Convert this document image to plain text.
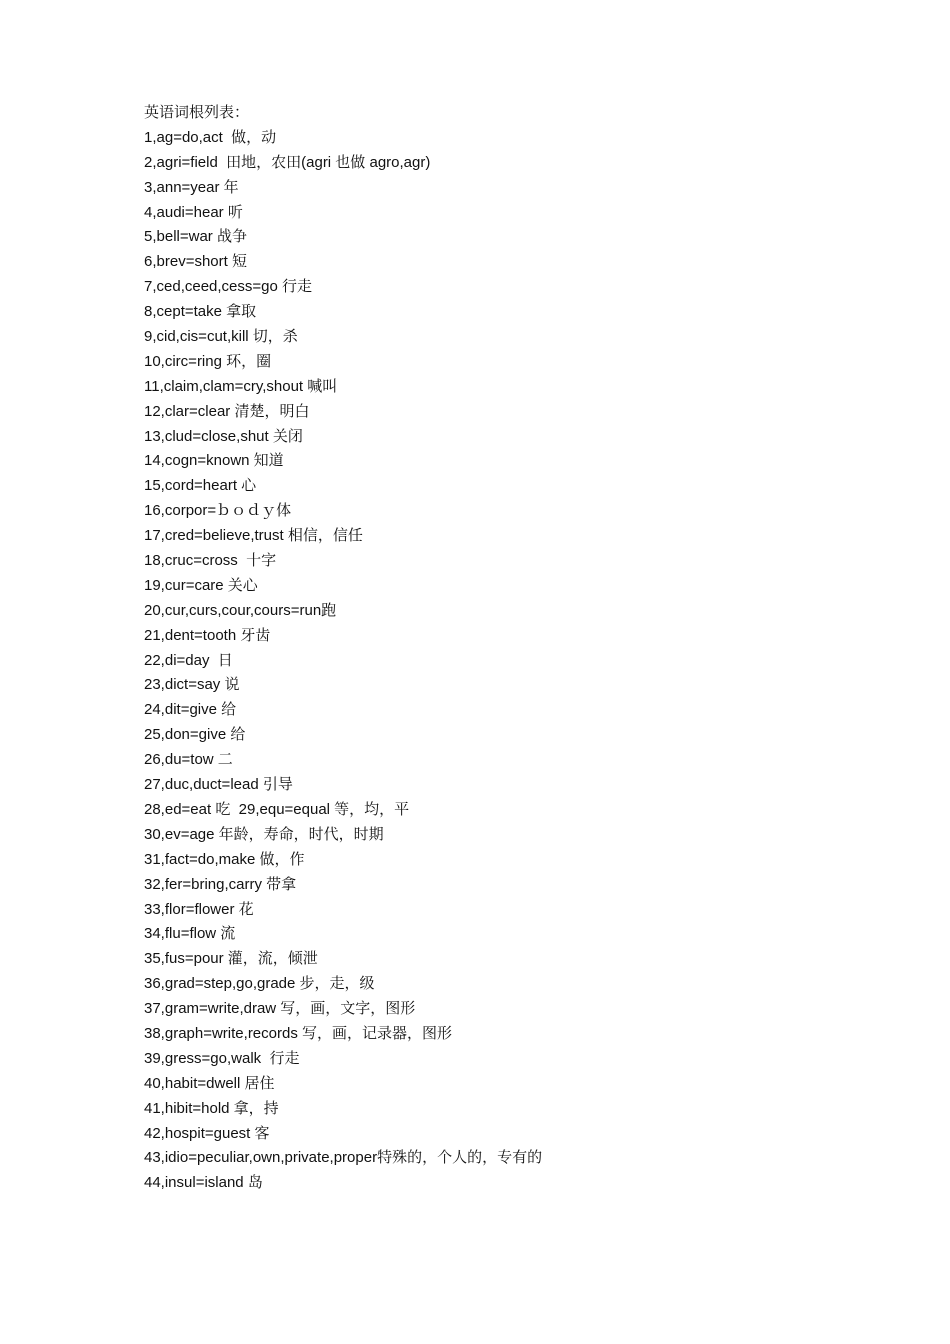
英语词根列表：
1,ag=do,act  做，动
2,agri=field  田地，农田(agri 也做 agro,agr)
3,ann=year 年
4,audi=hear 听
5,bell=war 战争
6,brev=short 短
7,ced,ceed,cess=go 行走
8,cept=take 拿取
9,cid,cis=cut,kill 切，杀
10,circ=ring 环，圈
11,claim,clam=cry,shout 喊叫
12,clar=clear 清楚，明白
13,clud=close,shut 关闭
14,cogn=known 知道
15,cord=heart 心
16,corpor=ｂｏｄｙ体
17,cred=believe,trust 相信，信任
18,cruc=cross  十字
19,cur=care 关心
20,cur,curs,cour,cours=run跑
21,dent=tooth 牙齿
22,di=day  日
23,dict=say 说
24,dit=give 给
25,don=give 给
26,du=tow 二
27,duc,duct=lead 引导
28,ed=eat 吃  29,equ=equal 等，均，平
30,ev=age 年龄，寿命，时代，时期
31,fact=do,make 做，作
32,fer=bring,carry 带拿
33,flor=flower 花
34,flu=flow 流
35,fus=pour 灌，流，倾泄
36,grad=step,go,grade 步，走，级
37,gram=write,draw 写，画，文字，图形
38,graph=write,records 写，画，记录器，图形
39,gress=go,walk  行走
40,habit=dwell 居住
41,hibit=hold 拿，持
42,hospit=guest 客
43,idio=peculiar,own,private,proper特殊的，个人的，专有的
44,insul=island 岛
